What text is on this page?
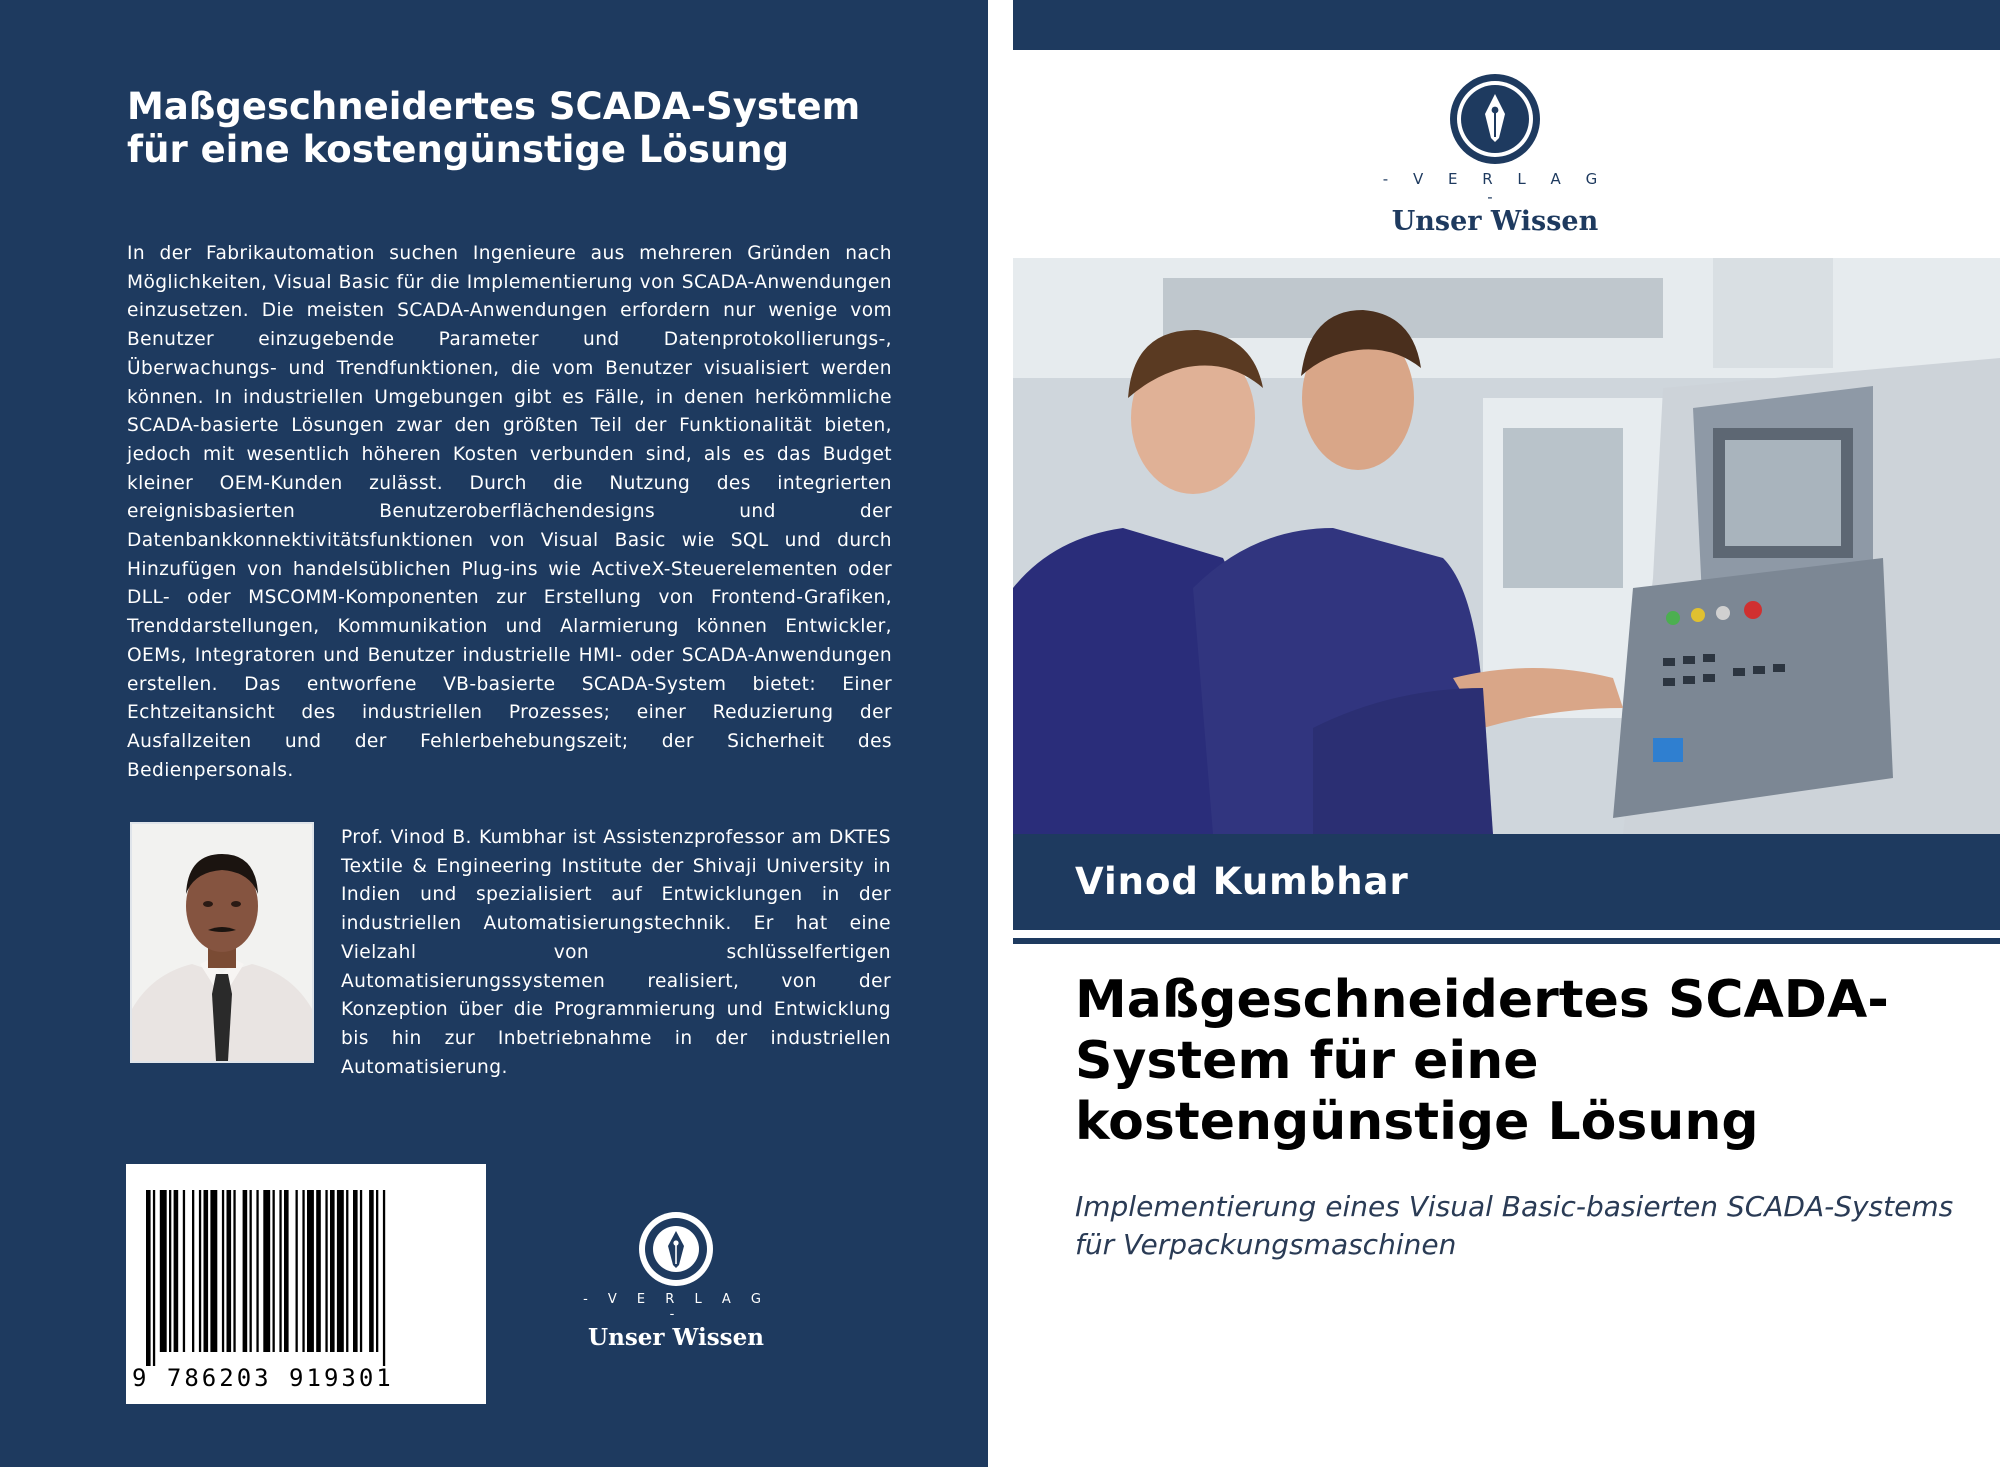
Maßgeschneidertes SCADA-System für eine kostengünstige Lösung

In der Fabrikautomation suchen Ingenieure aus mehreren Gründen nach Möglichkeiten, Visual Basic für die Implementierung von SCADA-Anwendungen einzusetzen. Die meisten SCADA-Anwendungen erfordern nur wenige vom Benutzer einzugebende Parameter und Datenprotokollierungs-, Überwachungs- und Trendfunktionen, die vom Benutzer visualisiert werden können. In industriellen Umgebungen gibt es Fälle, in denen herkömmliche SCADA-basierte Lösungen zwar den größten Teil der Funktionalität bieten, jedoch mit wesentlich höheren Kosten verbunden sind, als es das Budget kleiner OEM-Kunden zulässt. Durch die Nutzung des integrierten ereignisbasierten Benutzeroberflächendesigns und der Datenbankkonnektivitätsfunktionen von Visual Basic wie SQL und durch Hinzufügen von handelsüblichen Plug-ins wie ActiveX-Steuerelementen oder DLL- oder MSCOMM-Komponenten zur Erstellung von Frontend-Grafiken, Trenddarstellungen, Kommunikation und Alarmierung können Entwickler, OEMs, Integratoren und Benutzer industrielle HMI- oder SCADA-Anwendungen erstellen. Das entworfene VB-basierte SCADA-System bietet: Einer Echtzeitansicht des industriellen Prozesses; einer Reduzierung der Ausfallzeiten und der Fehlerbehebungszeit; der Sicherheit des Bedienpersonals.

Prof. Vinod B. Kumbhar ist Assistenzprofessor am DKTES Textile & Engineering Institute der Shivaji University in Indien und spezialisiert auf Entwicklungen in der industriellen Automatisierungstechnik. Er hat eine Vielzahl von schlüsselfertigen Automatisierungssystemen realisiert, von der Konzeption über die Programmierung und Entwicklung bis hin zur Inbetriebnahme in der industriellen Automatisierung.

9 786203 919301
- V E R L A G -
Unser Wissen
- V E R L A G -
Unser Wissen
Vinod Kumbhar
Maßgeschneidertes SCADA-System für eine kostengünstige Lösung

Implementierung eines Visual Basic-basierten SCADA-Systems für Verpackungsmaschinen
